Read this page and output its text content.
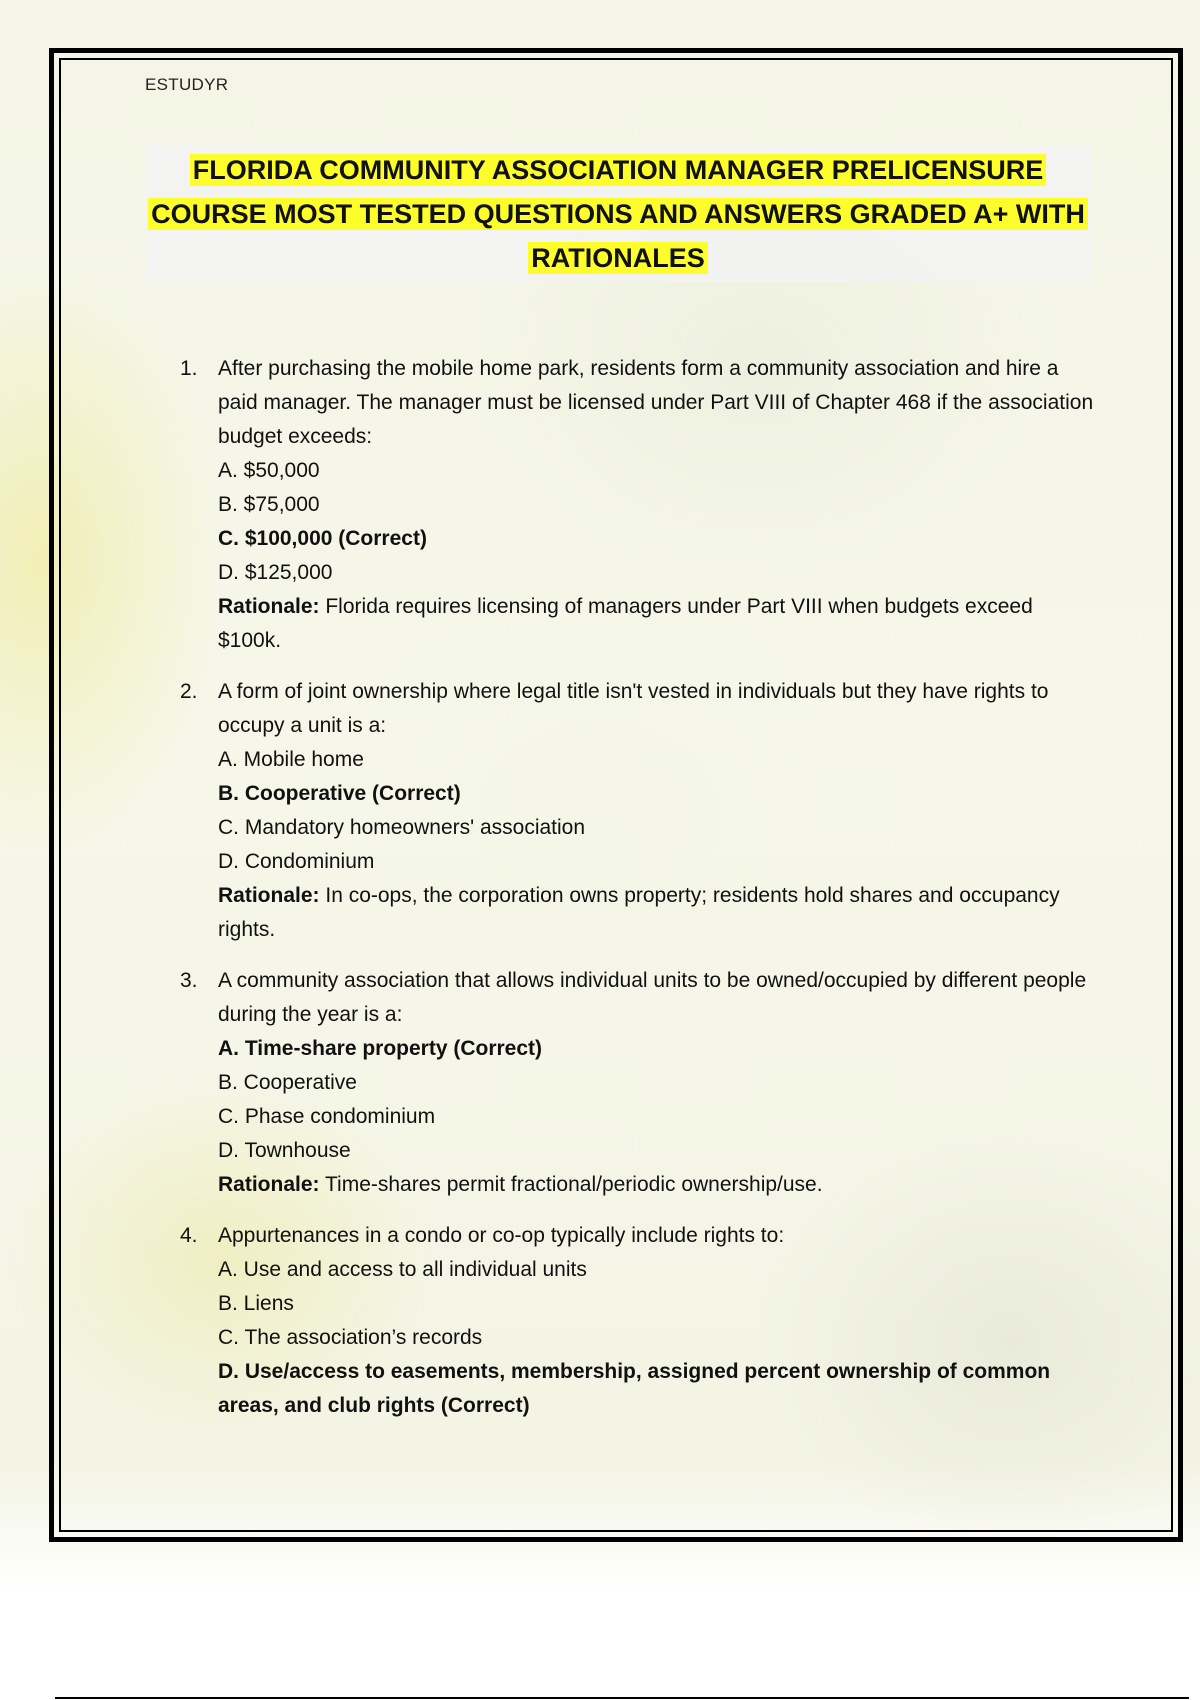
ESTUDYR
FLORIDA COMMUNITY ASSOCIATION MANAGER PRELICENSURE COURSE MOST TESTED QUESTIONS AND ANSWERS GRADED A+ WITH RATIONALES
1. After purchasing the mobile home park, residents form a community association and hire a paid manager. The manager must be licensed under Part VIII of Chapter 468 if the association budget exceeds:
A. $50,000
B. $75,000
C. $100,000 (Correct)
D. $125,000
Rationale: Florida requires licensing of managers under Part VIII when budgets exceed $100k.
2. A form of joint ownership where legal title isn't vested in individuals but they have rights to occupy a unit is a:
A. Mobile home
B. Cooperative (Correct)
C. Mandatory homeowners' association
D. Condominium
Rationale: In co-ops, the corporation owns property; residents hold shares and occupancy rights.
3. A community association that allows individual units to be owned/occupied by different people during the year is a:
A. Time-share property (Correct)
B. Cooperative
C. Phase condominium
D. Townhouse
Rationale: Time-shares permit fractional/periodic ownership/use.
4. Appurtenances in a condo or co-op typically include rights to:
A. Use and access to all individual units
B. Liens
C. The association’s records
D. Use/access to easements, membership, assigned percent ownership of common areas, and club rights (Correct)
